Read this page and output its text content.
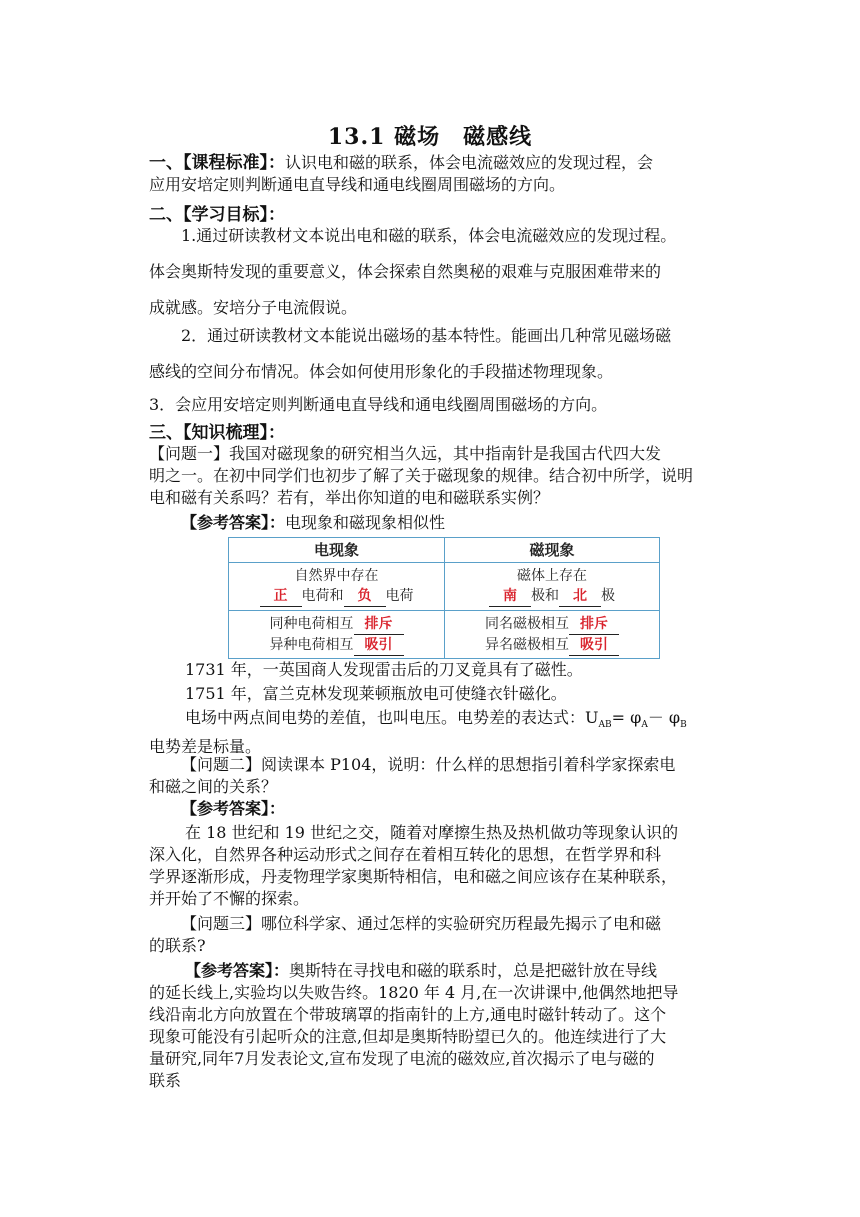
13.1 磁场　磁感线

一、【课程标准】：认识电和磁的联系，体会电流磁效应的发现过程，会
应用安培定则判断通电直导线和通电线圈周围磁场的方向。

二、【学习目标】：

1.通过研读教材文本说出电和磁的联系，体会电流磁效应的发现过程。
体会奥斯特发现的重要意义，体会探索自然奥秘的艰难与克服困难带来的
成就感。安培分子电流假说。

2．通过研读教材文本能说出磁场的基本特性。能画出几种常见磁场磁
感线的空间分布情况。体会如何使用形象化的手段描述物理现象。

3．会应用安培定则判断通电直导线和通电线圈周围磁场的方向。

三、【知识梳理】：

【问题一】我国对磁现象的研究相当久远，其中指南针是我国古代四大发
明之一。在初中同学们也初步了解了关于磁现象的规律。结合初中所学，说明
电和磁有关系吗？若有，举出你知道的电和磁联系实例？

【参考答案】：电现象和磁现象相似性

电现象	磁现象
自然界中存在
正 电荷和 负 电荷
磁体上存在
南 极和 北 极
同种电荷相互 排斥
异种电荷相互 吸引
同名磁极相互 排斥
异名磁极相互 吸引

1731 年，一英国商人发现雷击后的刀叉竟具有了磁性。

1751 年，富兰克林发现莱顿瓶放电可使缝衣针磁化。

电场中两点间电势的差值，也叫电压。电势差的表达式：$U_{AB}= \varphi_A- \varphi_B$
电势差是标量。

【问题二】阅读课本 P104，说明：什么样的思想指引着科学家探索电
和磁之间的关系？

【参考答案】：

在 18 世纪和 19 世纪之交，随着对摩擦生热及热机做功等现象认识的
深入化，自然界各种运动形式之间存在着相互转化的思想，在哲学界和科
学界逐渐形成，丹麦物理学家奥斯特相信，电和磁之间应该存在某种联系，
并开始了不懈的探索。

【问题三】哪位科学家、通过怎样的实验研究历程最先揭示了电和磁
的联系?

【参考答案】：奥斯特在寻找电和磁的联系时，总是把磁针放在导线
的延长线上,实验均以失败告终。1820 年 4 月,在一次讲课中,他偶然地把导
线沿南北方向放置在个带玻璃罩的指南针的上方,通电时磁针转动了。这个
现象可能没有引起听众的注意,但却是奥斯特盼望已久的。他连续进行了大
量研究,同年7月发表论文,宣布发现了电流的磁效应,首次揭示了电与磁的
联系
